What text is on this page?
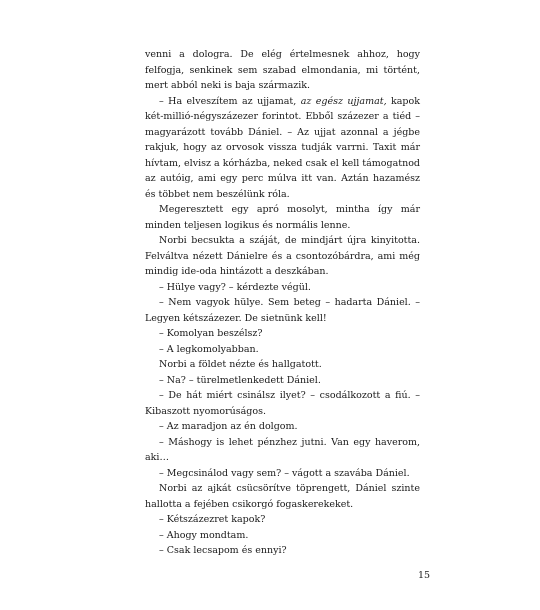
venni a dologra. De elég értelmesnek ahhoz, hogy felfogja, senkinek sem szabad elmondania, mi történt, mert abból neki is baja származik.

– Ha elveszítem az ujjamat, az egész ujjamat, kapok két-millió-négyszázezer forintot. Ebből százezer a tiéd – magyarázott tovább Dániel. – Az ujjat azonnal a jégbe rakjuk, hogy az orvosok vissza tudják varrni. Taxit már hívtam, elvisz a kórházba, neked csak el kell támogatnod az autóig, ami egy perc múlva itt van. Aztán hazamész és többet nem beszélünk róla.

Megeresztett egy apró mosolyt, mintha így már minden teljesen logikus és normális lenne.

Norbi becsukta a száját, de mindjárt újra kinyitotta. Felváltva nézett Dánielre és a csontozóbárdra, ami még mindig ide-oda hintázott a deszkában.

– Hülye vagy? – kérdezte végül.

– Nem vagyok hülye. Sem beteg – hadarta Dániel. – Legyen kétszázezer. De sietnünk kell!

– Komolyan beszélsz?

– A legkomolyabban.

Norbi a földet nézte és hallgatott.

– Na? – türelmetlenkedett Dániel.

– De hát miért csinálsz ilyet? – csodálkozott a fiú. – Kibaszott nyomorúságos.

– Az maradjon az én dolgom.

– Máshogy is lehet pénzhez jutni. Van egy haverom, aki…

– Megcsinálod vagy sem? – vágott a szavába Dániel.

Norbi az ajkát csücsörítve töprengett, Dániel szinte hallotta a fejében csikorgó fogaskerekeket.

– Kétszázezret kapok?

– Ahogy mondtam.

– Csak lecsapom és ennyi?

15
